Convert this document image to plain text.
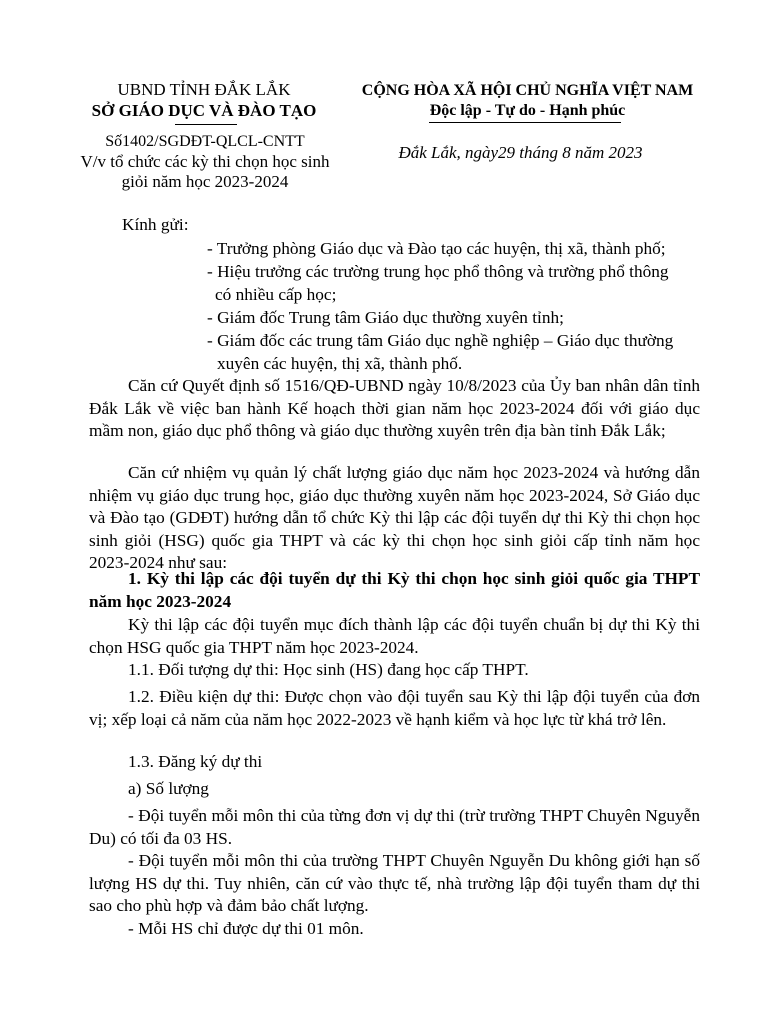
UBND TỈNH ĐẮK LẮK
SỞ GIÁO DỤC VÀ ĐÀO TẠO
Số1402/SGDĐT-QLCL-CNTT
V/v tổ chức các kỳ thi chọn học sinh
giỏi năm học 2023-2024
CỘNG HÒA XÃ HỘI CHỦ NGHĨA VIỆT NAM
Độc lập - Tự do - Hạnh phúc
Đắk Lắk, ngày29 tháng 8 năm 2023
Kính gửi:
- Trưởng phòng Giáo dục và Đào tạo các huyện, thị xã, thành phố;
- Hiệu trưởng các trường trung học phổ thông và trường phổ thông
có nhiều cấp học;
- Giám đốc Trung tâm Giáo dục thường xuyên tỉnh;
- Giám đốc các trung tâm Giáo dục nghề nghiệp – Giáo dục thường
xuyên các huyện, thị xã, thành phố.
Căn cứ Quyết định số 1516/QĐ-UBND ngày 10/8/2023 của Ủy ban nhân dân tỉnh Đắk Lắk về việc ban hành Kế hoạch thời gian năm học 2023-2024 đối với giáo dục mầm non, giáo dục phổ thông và giáo dục thường xuyên trên địa bàn tỉnh Đắk Lắk;
Căn cứ nhiệm vụ quản lý chất lượng giáo dục năm học 2023-2024 và hướng dẫn nhiệm vụ giáo dục trung học, giáo dục thường xuyên năm học 2023-2024, Sở Giáo dục và Đào tạo (GDĐT) hướng dẫn tổ chức Kỳ thi lập các đội tuyển dự thi Kỳ thi chọn học sinh giỏi (HSG) quốc gia THPT và các kỳ thi chọn học sinh giỏi cấp tỉnh năm học 2023-2024 như sau:
1. Kỳ thi lập các đội tuyển dự thi Kỳ thi chọn học sinh giỏi quốc gia THPT năm học 2023-2024
Kỳ thi lập các đội tuyển mục đích thành lập các đội tuyển chuẩn bị dự thi Kỳ thi chọn HSG quốc gia THPT năm học 2023-2024.
1.1. Đối tượng dự thi: Học sinh (HS) đang học cấp THPT.
1.2. Điều kiện dự thi: Được chọn vào đội tuyển sau Kỳ thi lập đội tuyển của đơn vị; xếp loại cả năm của năm học 2022-2023 về hạnh kiểm và học lực từ khá trở lên.
1.3. Đăng ký dự thi
a) Số lượng
- Đội tuyển mỗi môn thi của từng đơn vị dự thi (trừ trường THPT Chuyên Nguyễn Du) có tối đa 03 HS.
- Đội tuyển mỗi môn thi của trường THPT Chuyên Nguyễn Du không giới hạn số lượng HS dự thi. Tuy nhiên, căn cứ vào thực tế, nhà trường lập đội tuyển tham dự thi sao cho phù hợp và đảm bảo chất lượng.
- Mỗi HS chỉ được dự thi 01 môn.
